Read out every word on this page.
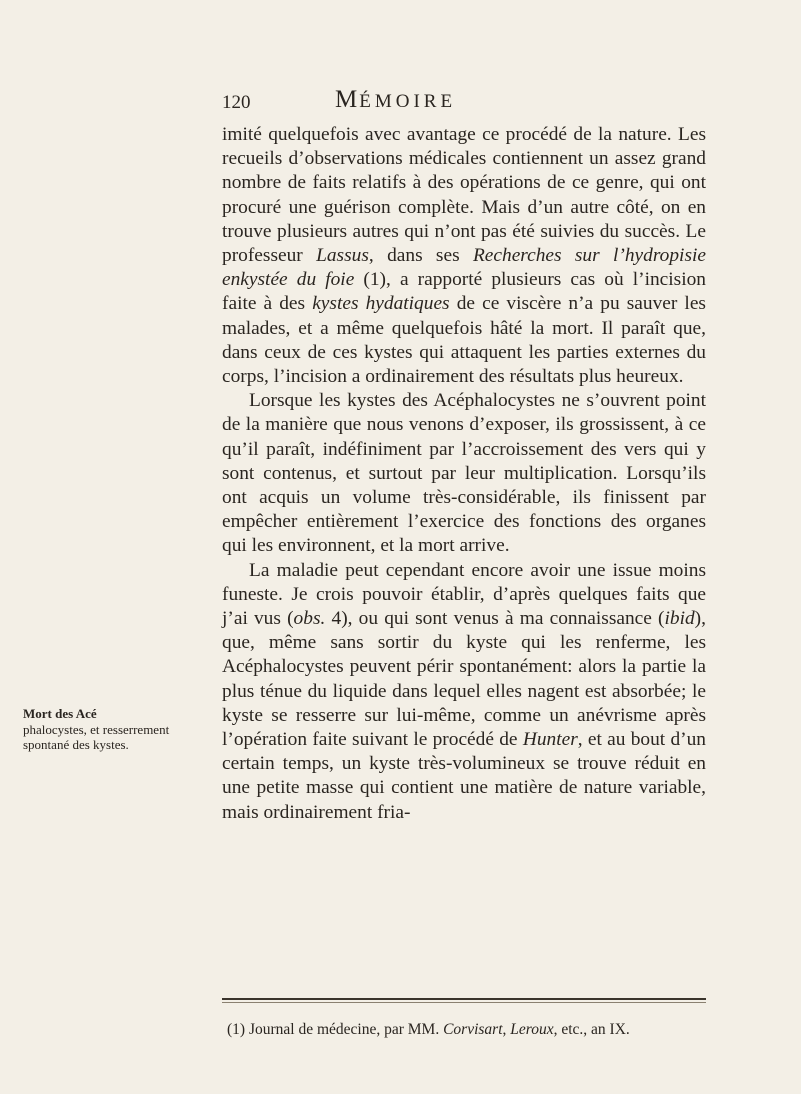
120	MÉMOIRE
Mort des Acé
phalocystes, et resserrement spontané des kystes.

imité quelquefois avec avantage ce procédé de la nature. Les recueils d’observations médicales contiennent un assez grand nombre de faits relatifs à des opérations de ce genre, qui ont procuré une guérison complète. Mais d’un autre côté, on en trouve plusieurs autres qui n’ont pas été suivies du succès. Le professeur Lassus, dans ses Recherches sur l’hydropisie enkystée du foie (1), a rapporté plusieurs cas où l’incision faite à des kystes hydatiques de ce viscère n’a pu sauver les malades, et a même quelquefois hâté la mort. Il paraît que, dans ceux de ces kystes qui attaquent les parties externes du corps, l’incision a ordinairement des résultats plus heureux.

Lorsque les kystes des Acéphalocystes ne s’ouvrent point de la manière que nous venons d’exposer, ils grossissent, à ce qu’il paraît, indéfiniment par l’accroissement des vers qui y sont contenus, et surtout par leur multiplication. Lorsqu’ils ont acquis un volume très-considérable, ils finissent par empêcher entièrement l’exercice des fonctions des organes qui les environnent, et la mort arrive.

La maladie peut cependant encore avoir une issue moins funeste. Je crois pouvoir établir, d’après quelques faits que j’ai vus (obs. 4), ou qui sont venus à ma connaissance (ibid), que, même sans sortir du kyste qui les renferme, les Acéphalocystes peuvent périr spontanément: alors la partie la plus ténue du liquide dans lequel elles nagent est absorbée; le kyste se resserre sur lui-même, comme un anévrisme après l’opération faite suivant le procédé de Hunter, et au bout d’un certain temps, un kyste très-volumineux se trouve réduit en une petite masse qui contient une matière de nature variable, mais ordinairement fria-

(1) Journal de médecine, par MM. Corvisart, Leroux, etc., an IX.
